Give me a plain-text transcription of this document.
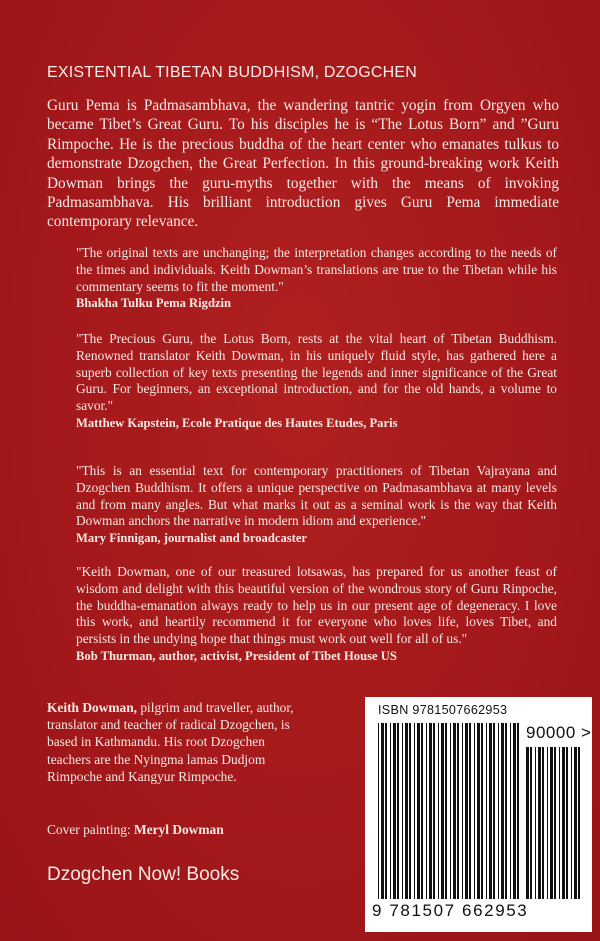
EXISTENTIAL TIBETAN BUDDHISM, DZOGCHEN

Guru Pema is Padmasambhava, the wandering tantric yogin from Orgyen who became Tibet’s Great Guru. To his disciples he is “The Lotus Born” and ”Guru Rimpoche. He is the precious buddha of the heart center who emanates tulkus to demonstrate Dzogchen, the Great Perfection. In this ground-breaking work Keith Dowman brings the guru-myths together with the means of invoking Padmasambhava. His brilliant introduction gives Guru Pema immediate contemporary relevance.

"The original texts are unchanging; the interpretation changes according to the needs of the times and individuals. Keith Dowman’s translations are true to the Tibetan while his commentary seems to fit the moment."

Bhakha Tulku Pema Rigdzin

"The Precious Guru, the Lotus Born, rests at the vital heart of Tibetan Buddhism. Renowned translator Keith Dowman, in his uniquely fluid style, has gathered here a superb collection of key texts presenting the legends and inner significance of the Great Guru. For beginners, an exceptional introduction, and for the old hands, a volume to savor."

Matthew Kapstein, Ecole Pratique des Hautes Etudes, Paris

"This is an essential text for contemporary practitioners of Tibetan Vajrayana and Dzogchen Buddhism. It offers a unique perspective on Padmasambhava at many levels and from many angles. But what marks it out as a seminal work is the way that Keith Dowman anchors the narrative in modern idiom and experience."

Mary Finnigan, journalist and broadcaster

"Keith Dowman, one of our treasured lotsawas, has prepared for us another feast of wisdom and delight with this beautiful version of the wondrous story of Guru Rinpoche, the buddha-emanation always ready to help us in our present age of degeneracy. I love this work, and heartily recommend it for everyone who loves life, loves Tibet, and persists in the undying hope that things must work out well for all of us."

Bob Thurman, author, activist, President of Tibet House US

Keith Dowman, pilgrim and traveller, author, translator and teacher of radical Dzogchen, is based in Kathmandu. His root Dzogchen teachers are the Nyingma lamas Dudjom Rimpoche and Kangyur Rimpoche.

Cover painting: Meryl Dowman

Dzogchen Now! Books

ISBN 9781507662953
90000 >
9 781507 662953
